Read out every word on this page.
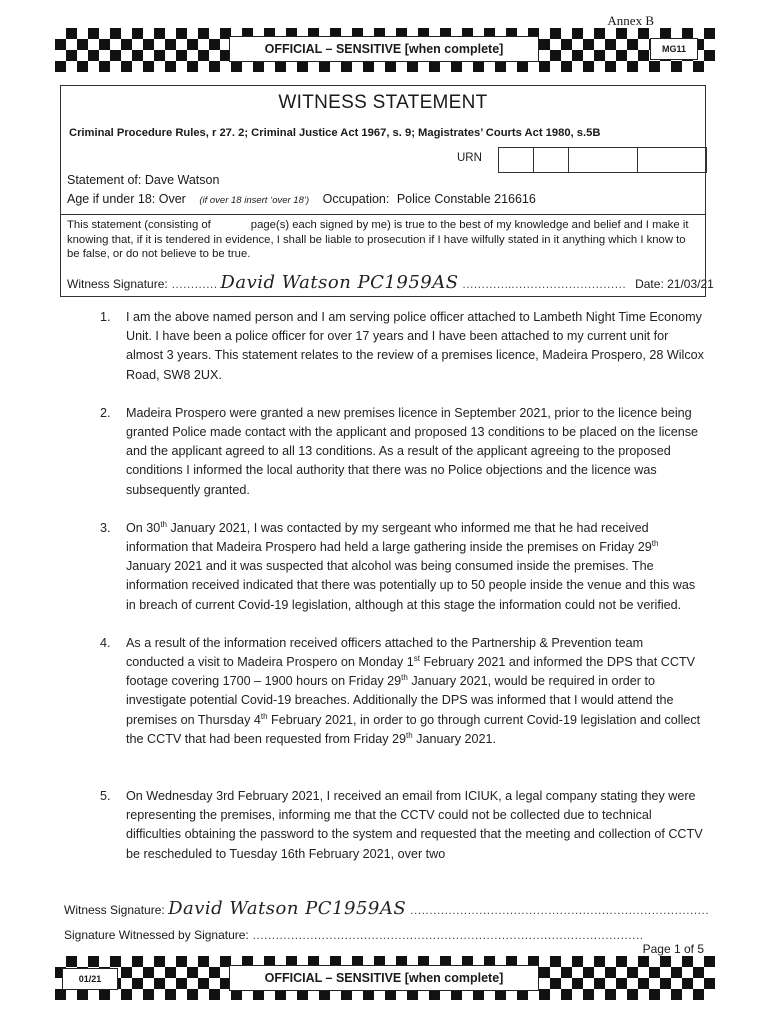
Annex B
OFFICIAL – SENSITIVE [when complete]	MG11
WITNESS STATEMENT
Criminal Procedure Rules, r 27. 2; Criminal Justice Act 1967, s. 9; Magistrates’ Courts Act 1980, s.5B
URN
Statement of: Dave Watson
Age if under 18: Over (if over 18 insert ‘over 18’) Occupation: Police Constable 216616
This statement (consisting of	page(s) each signed by me) is true to the best of my knowledge and belief and I make it knowing that, if it is tendered in evidence, I shall be liable to prosecution if I have wilfully stated in it anything which I know to be false, or do not believe to be true.
Witness Signature: ………… David Watson PC1959AS ………….………………………… Date: 21/03/21
1. I am the above named person and I am serving police officer attached to Lambeth Night Time Economy Unit. I have been a police officer for over 17 years and I have been attached to my current unit for almost 3 years. This statement relates to the review of a premises licence, Madeira Prospero, 28 Wilcox Road, SW8 2UX.
2. Madeira Prospero were granted a new premises licence in September 2021, prior to the licence being granted Police made contact with the applicant and proposed 13 conditions to be placed on the license and the applicant agreed to all 13 conditions. As a result of the applicant agreeing to the proposed conditions I informed the local authority that there was no Police objections and the licence was subsequently granted.
3. On 30th January 2021, I was contacted by my sergeant who informed me that he had received information that Madeira Prospero had held a large gathering inside the premises on Friday 29th January 2021 and it was suspected that alcohol was being consumed inside the premises. The information received indicated that there was potentially up to 50 people inside the venue and this was in breach of current Covid-19 legislation, although at this stage the information could not be verified.
4. As a result of the information received officers attached to the Partnership & Prevention team conducted a visit to Madeira Prospero on Monday 1st February 2021 and informed the DPS that CCTV footage covering 1700 – 1900 hours on Friday 29th January 2021, would be required in order to investigate potential Covid-19 breaches. Additionally the DPS was informed that I would attend the premises on Thursday 4th February 2021, in order to go through current Covid-19 legislation and collect the CCTV that had been requested from Friday 29th January 2021.
5. On Wednesday 3rd February 2021, I received an email from ICIUK, a legal company stating they were representing the premises, informing me that the CCTV could not be collected due to technical difficulties obtaining the password to the system and requested that the meeting and collection of CCTV be rescheduled to Tuesday 16th February 2021, over two
Witness Signature: David Watson PC1959AS ……………………………………………………………………
Signature Witnessed by Signature: …………………………………………………………………………………………
Page 1 of 5
01/21	OFFICIAL – SENSITIVE [when complete]
